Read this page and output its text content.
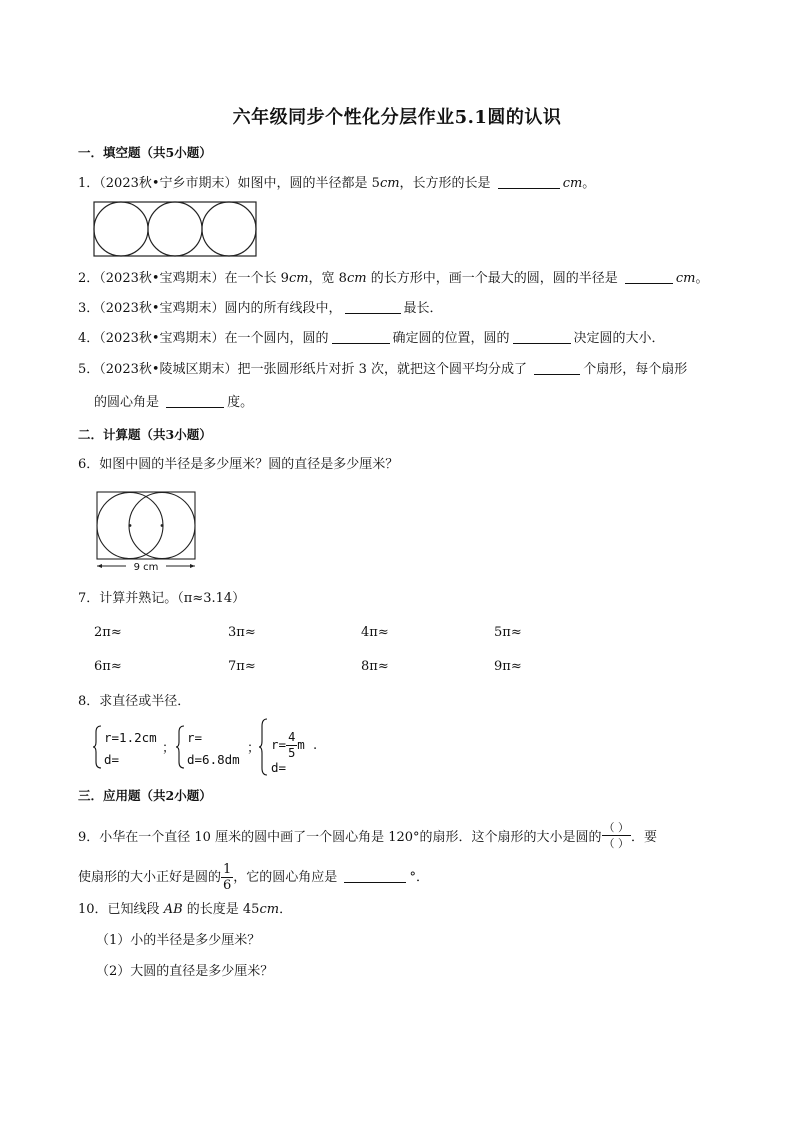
六年级同步个性化分层作业5.1圆的认识
一．填空题（共5小题）
1．（2023秋•宁乡市期末）如图中，圆的半径都是 5cm，长方形的长是	cm。
2．（2023秋•宝鸡期末）在一个长 9cm，宽 8cm 的长方形中，画一个最大的圆，圆的半径是	cm。
3．（2023秋•宝鸡期末）圆内的所有线段中，	最长．
4．（2023秋•宝鸡期末）在一个圆内，圆的	确定圆的位置，圆的	决定圆的大小．
5．（2023秋•陵城区期末）把一张圆形纸片对折 3 次，就把这个圆平均分成了	个扇形，每个扇形
的圆心角是	度。
二．计算题（共3小题）
6．如图中圆的半径是多少厘米？圆的直径是多少厘米？
9 cm
7．计算并熟记。（π≈3.14）
2π≈	3π≈	4π≈	5π≈
6π≈	7π≈	8π≈	9π≈
8．求直径或半径．
r=1.2cm
d=
；
r=
d=6.8dm
； $r= \frac{4}{5}$ m
d=
.
三．应用题（共2小题）
9．小华在一个直径 10 厘米的圆中画了一个圆心角是 120°的扇形．这个扇形的大小是圆的 $\frac{( )}{( )}$ ．要
使扇形的大小正好是圆的 $\frac{1}{6}$ ，它的圆心角应是	°．
10．已知线段 AB 的长度是 45cm．
（1）小的半径是多少厘米？
（2）大圆的直径是多少厘米？
